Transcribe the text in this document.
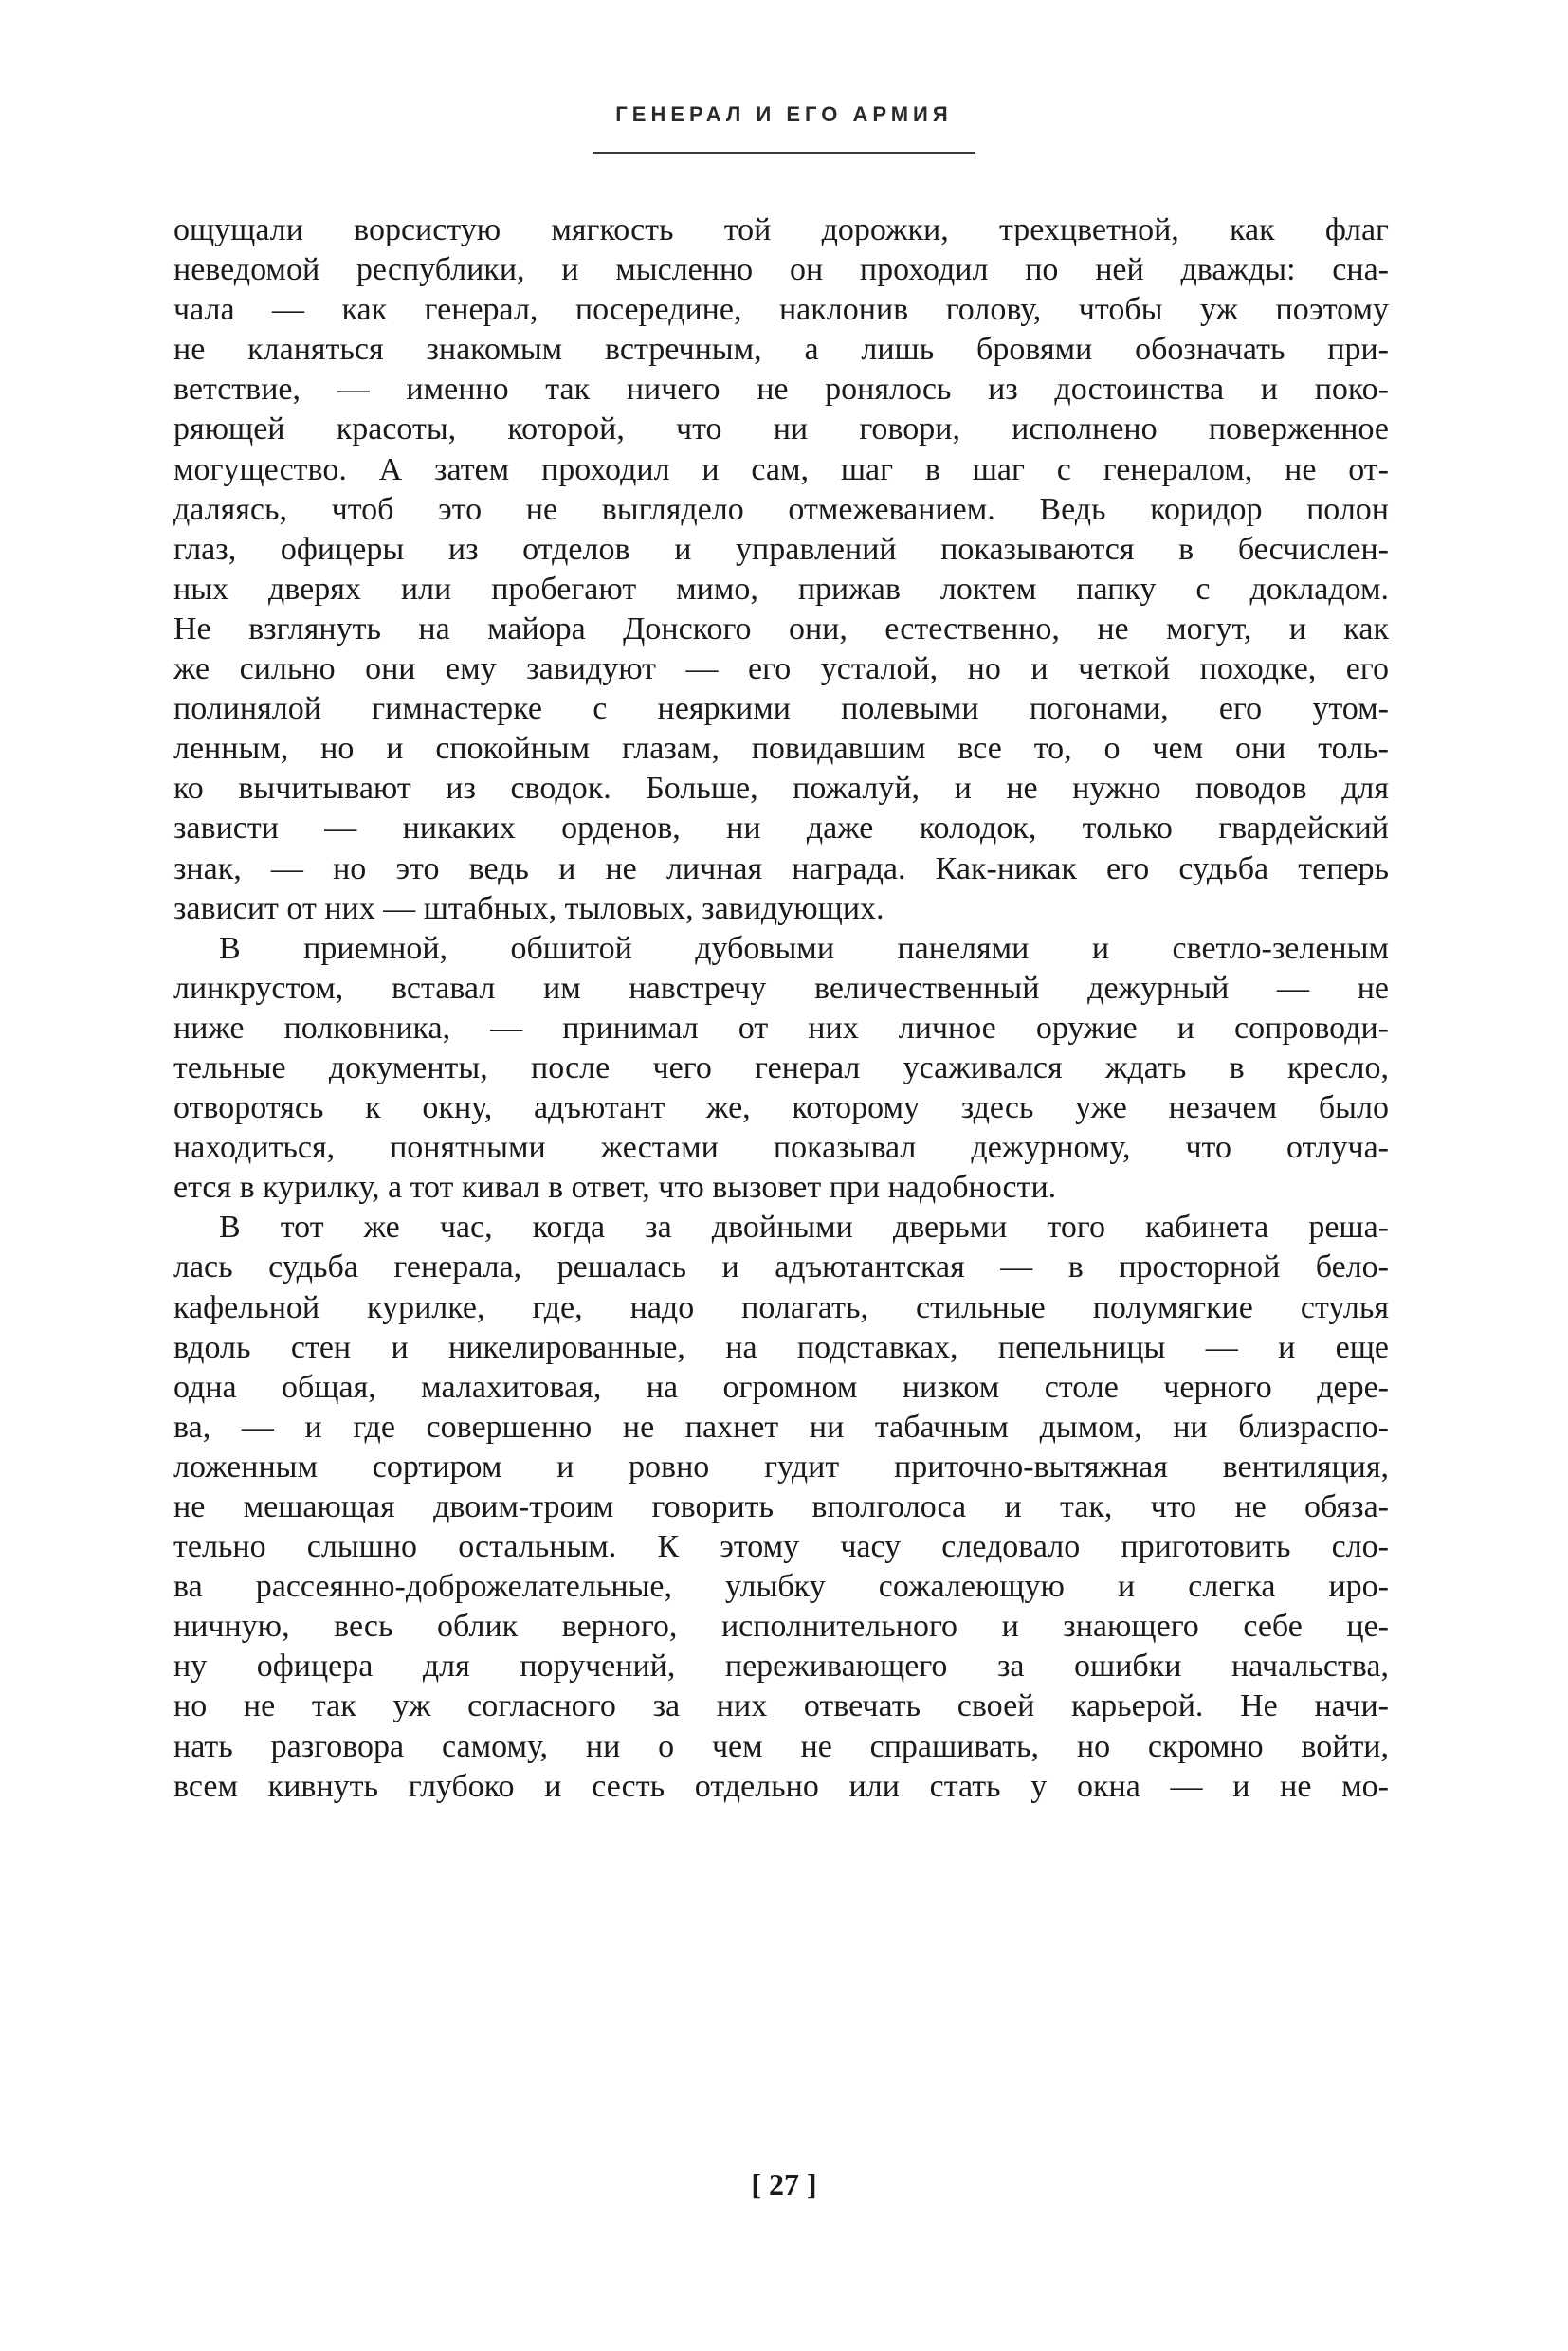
ГЕНЕРАЛ И ЕГО АРМИЯ
ощущали ворсистую мягкость той дорожки, трехцветной, как флаг
неведомой республики, и мысленно он проходил по ней дважды: сна-
чала — как генерал, посередине, наклонив голову, чтобы уж поэтому
не кланяться знакомым встречным, а лишь бровями обозначать при-
ветствие, — именно так ничего не ронялось из достоинства и поко-
ряющей красоты, которой, что ни говори, исполнено поверженное
могущество. А затем проходил и сам, шаг в шаг с генералом, не от-
даляясь, чтоб это не выглядело отмежеванием. Ведь коридор полон
глаз, офицеры из отделов и управлений показываются в бесчислен-
ных дверях или пробегают мимо, прижав локтем папку с докладом.
Не взглянуть на майора Донского они, естественно, не могут, и как
же сильно они ему завидуют — его усталой, но и четкой походке, его
полинялой гимнастерке с неяркими полевыми погонами, его утом-
ленным, но и спокойным глазам, повидавшим все то, о чем они толь-
ко вычитывают из сводок. Больше, пожалуй, и не нужно поводов для
зависти — никаких орденов, ни даже колодок, только гвардейский
знак, — но это ведь и не личная награда. Как-никак его судьба теперь
зависит от них — штабных, тыловых, завидующих.
В приемной, обшитой дубовыми панелями и светло-зеленым
линкрустом, вставал им навстречу величественный дежурный — не
ниже полковника, — принимал от них личное оружие и сопроводи-
тельные документы, после чего генерал усаживался ждать в кресло,
отворотясь к окну, адъютант же, которому здесь уже незачем было
находиться, понятными жестами показывал дежурному, что отлуча-
ется в курилку, а тот кивал в ответ, что вызовет при надобности.
В тот же час, когда за двойными дверьми того кабинета реша-
лась судьба генерала, решалась и адъютантская — в просторной бело-
кафельной курилке, где, надо полагать, стильные полумягкие стулья
вдоль стен и никелированные, на подставках, пепельницы — и еще
одна общая, малахитовая, на огромном низком столе черного дере-
ва, — и где совершенно не пахнет ни табачным дымом, ни близраспо-
ложенным сортиром и ровно гудит приточно-вытяжная вентиляция,
не мешающая двоим-троим говорить вполголоса и так, что не обяза-
тельно слышно остальным. К этому часу следовало приготовить сло-
ва рассеянно-доброжелательные, улыбку сожалеющую и слегка иро-
ничную, весь облик верного, исполнительного и знающего себе це-
ну офицера для поручений, переживающего за ошибки начальства,
но не так уж согласного за них отвечать своей карьерой. Не начи-
нать разговора самому, ни о чем не спрашивать, но скромно войти,
всем кивнуть глубоко и сесть отдельно или стать у окна — и не мо-
[ 27 ]
